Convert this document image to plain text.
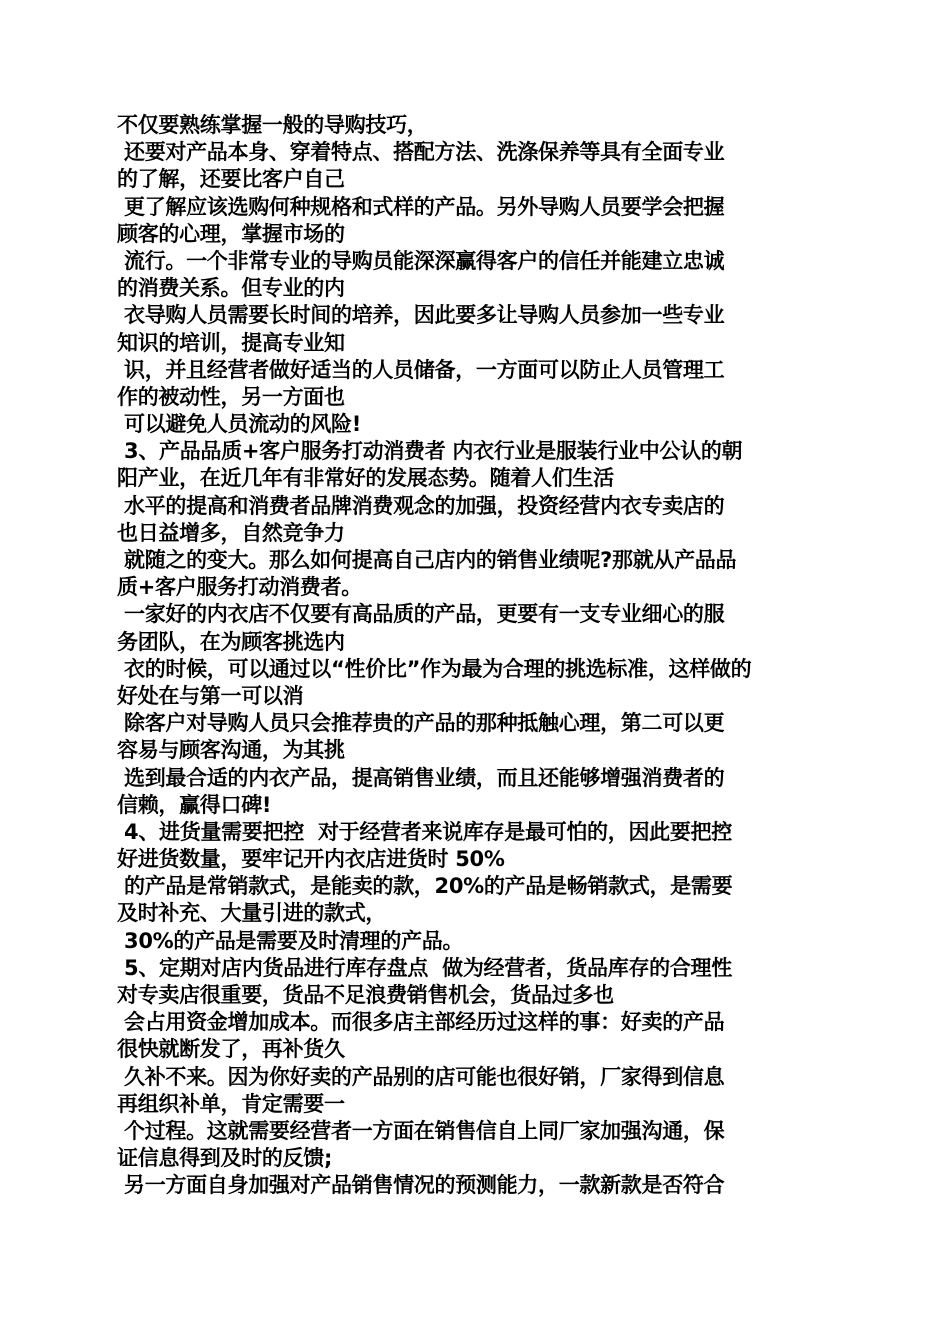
不仅要熟练掌握一般的导购技巧，
还要对产品本身、穿着特点、搭配方法、洗涤保养等具有全面专业
的了解，还要比客户自己
更了解应该选购何种规格和式样的产品。另外导购人员要学会把握
顾客的心理，掌握市场的
流行。一个非常专业的导购员能深深赢得客户的信任并能建立忠诚
的消费关系。但专业的内
衣导购人员需要长时间的培养，因此要多让导购人员参加一些专业
知识的培训，提高专业知
识，并且经营者做好适当的人员储备，一方面可以防止人员管理工
作的被动性，另一方面也
可以避免人员流动的风险!
3、产品品质+客户服务打动消费者 内衣行业是服装行业中公认的朝
阳产业，在近几年有非常好的发展态势。随着人们生活
水平的提高和消费者品牌消费观念的加强，投资经营内衣专卖店的
也日益增多，自然竞争力
就随之的变大。那么如何提高自己店内的销售业绩呢?那就从产品品
质+客户服务打动消费者。
一家好的内衣店不仅要有高品质的产品，更要有一支专业细心的服
务团队，在为顾客挑选内
衣的时候，可以通过以“性价比”作为最为合理的挑选标准，这样做的
好处在与第一可以消
除客户对导购人员只会推荐贵的产品的那种抵触心理，第二可以更
容易与顾客沟通，为其挑
选到最合适的内衣产品，提高销售业绩，而且还能够增强消费者的
信赖，赢得口碑!
4、进货量需要把控  对于经营者来说库存是最可怕的，因此要把控
好进货数量，要牢记开内衣店进货时 50%
的产品是常销款式，是能卖的款，20%的产品是畅销款式，是需要
及时补充、大量引进的款式，
30%的产品是需要及时清理的产品。
5、定期对店内货品进行库存盘点  做为经营者，货品库存的合理性
对专卖店很重要，货品不足浪费销售机会，货品过多也
会占用资金增加成本。而很多店主部经历过这样的事：好卖的产品
很快就断发了，再补货久
久补不来。因为你好卖的产品别的店可能也很好销，厂家得到信息
再组织补单，肯定需要一
个过程。这就需要经营者一方面在销售信自上同厂家加强沟通，保
证信息得到及时的反馈;
另一方面自身加强对产品销售情况的预测能力，一款新款是否符合
